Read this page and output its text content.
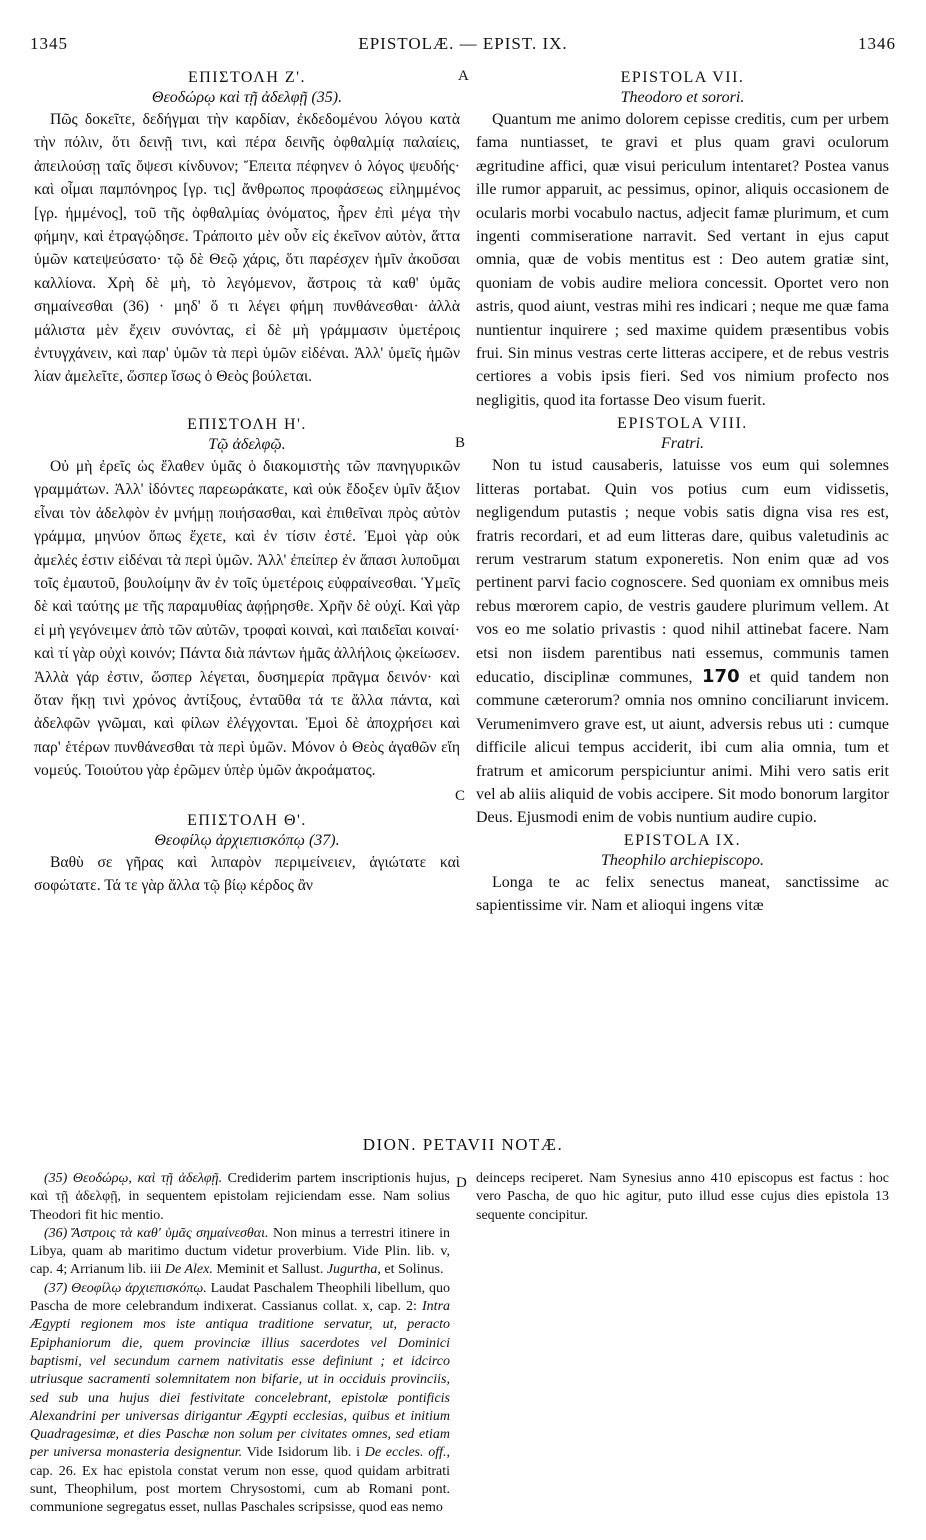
1345	EPISTOLÆ. — EPIST. IX.	1346
A
B
C
D
ΕΠΙΣΤΟΛΗ Ζ'.
Θεοδώρῳ καὶ τῇ ἀδελφῇ (35).

Πῶς δοκεῖτε, δεδήγμαι τὴν καρδίαν, ἐκδεδομένου λόγου κατὰ τὴν πόλιν, ὅτι δεινῇ τινι, καὶ πέρα δεινῆς ὀφθαλμίᾳ παλαίεις, ἀπειλούσῃ ταῖς ὄψεσι κίνδυνον; Ἔπειτα πέφηνεν ὁ λόγος ψευδής· καὶ οἶμαι παμπόνηρος [γρ. τις] ἄνθρωπος προφάσεως εἰλημμένος [γρ. ἡμμένος], τοῦ τῆς ὀφθαλμίας ὀνόματος, ἦρεν ἐπὶ μέγα τὴν φήμην, καὶ ἐτραγῴδησε. Τράποιτο μὲν οὖν εἰς ἐκεῖνον αὐτὸν, ἅττα ὑμῶν κατεψεύσατο· τῷ δὲ Θεῷ χάρις, ὅτι παρέσχεν ἡμῖν ἀκοῦσαι καλλίονα. Χρὴ δὲ μὴ, τὸ λεγόμενον, ἄστροις τὰ καθ' ὑμᾶς σημαίνεσθαι (36) · μηδ' ὅ τι λέγει φήμη πυνθάνεσθαι· ἀλλὰ μάλιστα μὲν ἔχειν συνόντας, εἰ δὲ μὴ γράμμασιν ὑμετέροις ἐντυγχάνειν, καὶ παρ' ὑμῶν τὰ περὶ ὑμῶν εἰδέναι. Ἀλλ' ὑμεῖς ἡμῶν λίαν ἀμελεῖτε, ὥσπερ ἴσως ὁ Θεὸς βούλεται.

ΕΠΙΣΤΟΛΗ Η'.
Τῷ ἀδελφῷ.

Οὐ μὴ ἐρεῖς ὡς ἔλαθεν ὑμᾶς ὁ διακομιστὴς τῶν πανηγυρικῶν γραμμάτων. Ἀλλ' ἰδόντες παρεωράκατε, καὶ οὐκ ἔδοξεν ὑμῖν ἄξιον εἶναι τὸν ἀδελφὸν ἐν μνήμῃ ποιήσασθαι, καὶ ἐπιθεῖναι πρὸς αὐτὸν γράμμα, μηνύον ὅπως ἔχετε, καὶ ἐν τίσιν ἐστέ. Ἐμοὶ γὰρ οὐκ ἀμελές ἐστιν εἰδέναι τὰ περὶ ὑμῶν. Ἀλλ' ἐπείπερ ἐν ἅπασι λυποῦμαι τοῖς ἐμαυτοῦ, βουλοίμην ἂν ἐν τοῖς ὑμετέροις εὐφραίνεσθαι. Ὑμεῖς δὲ καὶ ταύτης με τῆς παραμυθίας ἀφῄρησθε. Χρῆν δὲ οὐχί. Καὶ γὰρ εἰ μὴ γεγόνειμεν ἀπὸ τῶν αὐτῶν, τροφαὶ κοιναὶ, καὶ παιδεῖαι κοιναί· καὶ τί γὰρ οὐχὶ κοινόν; Πάντα διὰ πάντων ἡμᾶς ἀλλήλοις ᾠκείωσεν. Ἀλλὰ γάρ ἐστιν, ὥσπερ λέγεται, δυσημερία πρᾶγμα δεινόν· καὶ ὅταν ἥκῃ τινὶ χρόνος ἀντίξους, ἐνταῦθα τά τε ἄλλα πάντα, καὶ ἀδελφῶν γνῶμαι, καὶ φίλων ἐλέγχονται. Ἐμοὶ δὲ ἀποχρήσει καὶ παρ' ἑτέρων πυνθάνεσθαι τὰ περὶ ὑμῶν. Μόνον ὁ Θεὸς ἀγαθῶν εἴη νομεύς. Τοιούτου γὰρ ἐρῶμεν ὑπὲρ ὑμῶν ἀκροάματος.

ΕΠΙΣΤΟΛΗ Θ'.
Θεοφίλῳ ἀρχιεπισκόπῳ (37).

Βαθὺ σε γῆρας καὶ λιπαρὸν περιμείνειεν, ἁγιώτατε καὶ σοφώτατε. Τά τε γὰρ ἄλλα τῷ βίῳ κέρδος ἂν

EPISTOLA VII.
Theodoro et sorori.

Quantum me animo dolorem cepisse creditis, cum per urbem fama nuntiasset, te gravi et plus quam gravi oculorum ægritudine affici, quæ visui periculum intentaret? Postea vanus ille rumor apparuit, ac pessimus, opinor, aliquis occasionem de ocularis morbi vocabulo nactus, adjecit famæ plurimum, et cum ingenti commiseratione narravit. Sed vertant in ejus caput omnia, quæ de vobis mentitus est : Deo autem gratiæ sint, quoniam de vobis audire meliora concessit. Oportet vero non astris, quod aiunt, vestras mihi res indicari ; neque me quæ fama nuntientur inquirere ; sed maxime quidem præsentibus vobis frui. Sin minus vestras certe litteras accipere, et de rebus vestris certiores a vobis ipsis fieri. Sed vos nimium profecto nos negligitis, quod ita fortasse Deo visum fuerit.

EPISTOLA VIII.
Fratri.

Non tu istud causaberis, latuisse vos eum qui solemnes litteras portabat. Quin vos potius cum eum vidissetis, negligendum putastis ; neque vobis satis digna visa res est, fratris recordari, et ad eum litteras dare, quibus valetudinis ac rerum vestrarum statum exponeretis. Non enim quæ ad vos pertinent parvi facio cognoscere. Sed quoniam ex omnibus meis rebus mœrorem capio, de vestris gaudere plurimum vellem. At vos eo me solatio privastis : quod nihil attinebat facere. Nam etsi non iisdem parentibus nati essemus, communis tamen educatio, disciplinæ communes, 170 et quid tandem non commune cæterorum? omnia nos omnino conciliarunt invicem. Verumenimvero grave est, ut aiunt, adversis rebus uti : cumque difficile alicui tempus acciderit, ibi cum alia omnia, tum et fratrum et amicorum perspiciuntur animi. Mihi vero satis erit vel ab aliis aliquid de vobis accipere. Sit modo bonorum largitor Deus. Ejusmodi enim de vobis nuntium audire cupio.

EPISTOLA IX.
Theophilo archiepiscopo.

Longa te ac felix senectus maneat, sanctissime ac sapientissime vir. Nam et alioqui ingens vitæ

DION. PETAVII NOTÆ.

(35) Θεοδώρῳ, καὶ τῇ ἀδελφῇ. Crediderim partem inscriptionis hujus, καὶ τῇ ἀδελφῇ, in sequentem epistolam rejiciendam esse. Nam solius Theodori fit hic mentio.

(36) Ἄστροις τὰ καθ' ὑμᾶς σημαίνεσθαι. Non minus a terrestri itinere in Libya, quam ab maritimo ductum videtur proverbium. Vide Plin. lib. v, cap. 4; Arrianum lib. iii De Alex. Meminit et Sallust. Jugurtha, et Solinus.

(37) Θεοφίλῳ ἀρχιεπισκόπῳ. Laudat Paschalem Theophili libellum, quo Pascha de more celebrandum indixerat. Cassianus collat. x, cap. 2: Intra Ægypti regionem mos iste antiqua traditione servatur, ut, peracto Epiphaniorum die, quem provinciæ illius sacerdotes vel Dominici baptismi, vel secundum carnem nativitatis esse definiunt ; et idcirco utriusque sacramenti solemnitatem non bifarie, ut in occiduis provinciis, sed sub una hujus diei festivitate concelebrant, epistolæ pontificis Alexandrini per universas dirigantur Ægypti ecclesias, quibus et initium Quadragesimæ, et dies Paschæ non solum per civitates omnes, sed etiam per universa monasteria designentur. Vide Isidorum lib. i De eccles. off., cap. 26. Ex hac epistola constat verum non esse, quod quidam arbitrati sunt, Theophilum, post mortem Chrysostomi, cum ab Romani pont. communione segregatus esset, nullas Paschales scripsisse, quod eas nemo

deinceps reciperet. Nam Synesius anno 410 episcopus est factus : hoc vero Pascha, de quo hic agitur, puto illud esse cujus dies epistola 13 sequente concipitur.
